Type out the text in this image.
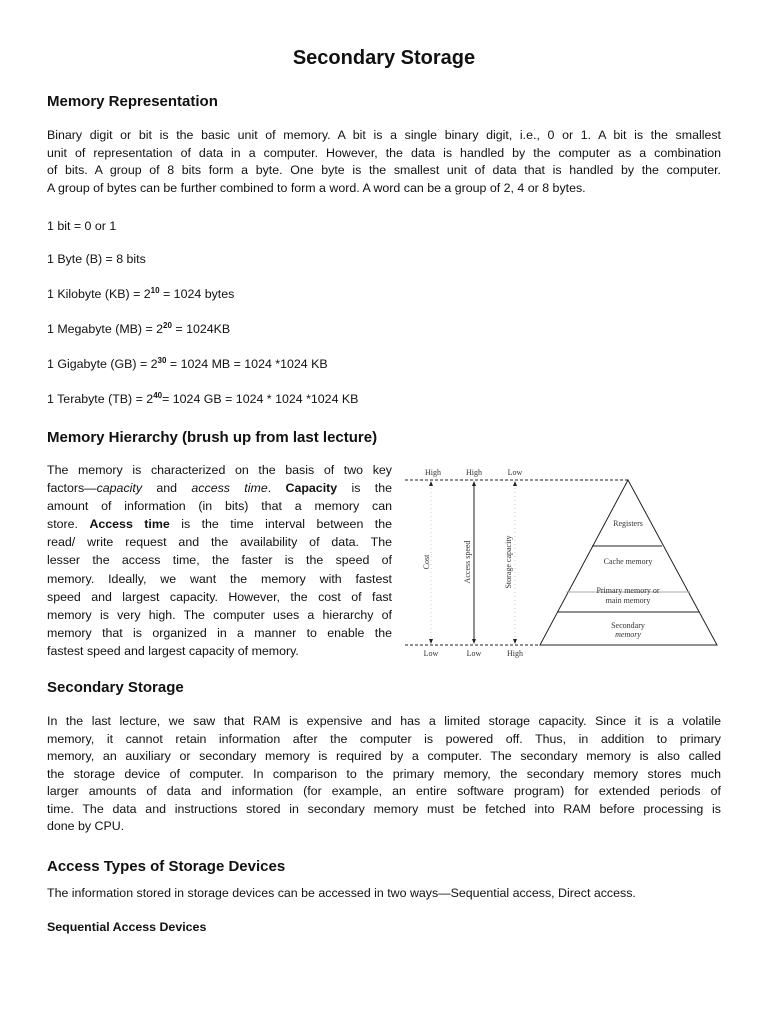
Secondary Storage
Memory Representation
Binary digit or bit is the basic unit of memory. A bit is a single binary digit, i.e., 0 or 1. A bit is the smallest
unit of representation of data in a computer. However, the data is handled by the computer as a combination
of bits. A group of 8 bits form a byte. One byte is the smallest unit of data that is handled by the computer.
A group of bytes can be further combined to form a word. A word can be a group of 2, 4 or 8 bytes.
1 bit = 0 or 1
1 Byte (B) = 8 bits
1 Kilobyte $(KB) = 2^{10} = 1024$ bytes
1 Megabyte $(MB) = 2^{20} = 1024KB$
1 Gigabyte $(GB) = 2^{30} = 1024$ MB = 1024 *1024 KB
1 Terabyte $(TB) = 2^{40}= 1024$ GB = 1024 * 1024 *1024 KB
Memory Hierarchy (brush up from last lecture)
The memory is characterized on the basis of two key
factors—capacity and access time. Capacity is the
amount of information (in bits) that a memory can
store. Access time is the time interval between the
read/ write request and the availability of data. The
lesser the access time, the faster is the speed of
memory. Ideally, we want the memory with fastest
speed and largest capacity. However, the cost of fast
memory is very high. The computer uses a hierarchy of
memory that is organized in a manner to enable the
fastest speed and largest capacity of memory.
High	High	Low
Low	Low	High
Cost	Access speed	Storage capacity
Registers
Cache memory
Primary memory or
main memory
Secondary
memory
Secondary Storage
In the last lecture, we saw that RAM is expensive and has a limited storage capacity. Since it is a volatile
memory, it cannot retain information after the computer is powered off. Thus, in addition to primary
memory, an auxiliary or secondary memory is required by a computer. The secondary memory is also called
the storage device of computer. In comparison to the primary memory, the secondary memory stores much
larger amounts of data and information (for example, an entire software program) for extended periods of
time. The data and instructions stored in secondary memory must be fetched into RAM before processing is
done by CPU.
Access Types of Storage Devices
The information stored in storage devices can be accessed in two ways—Sequential access, Direct access.
Sequential Access Devices
